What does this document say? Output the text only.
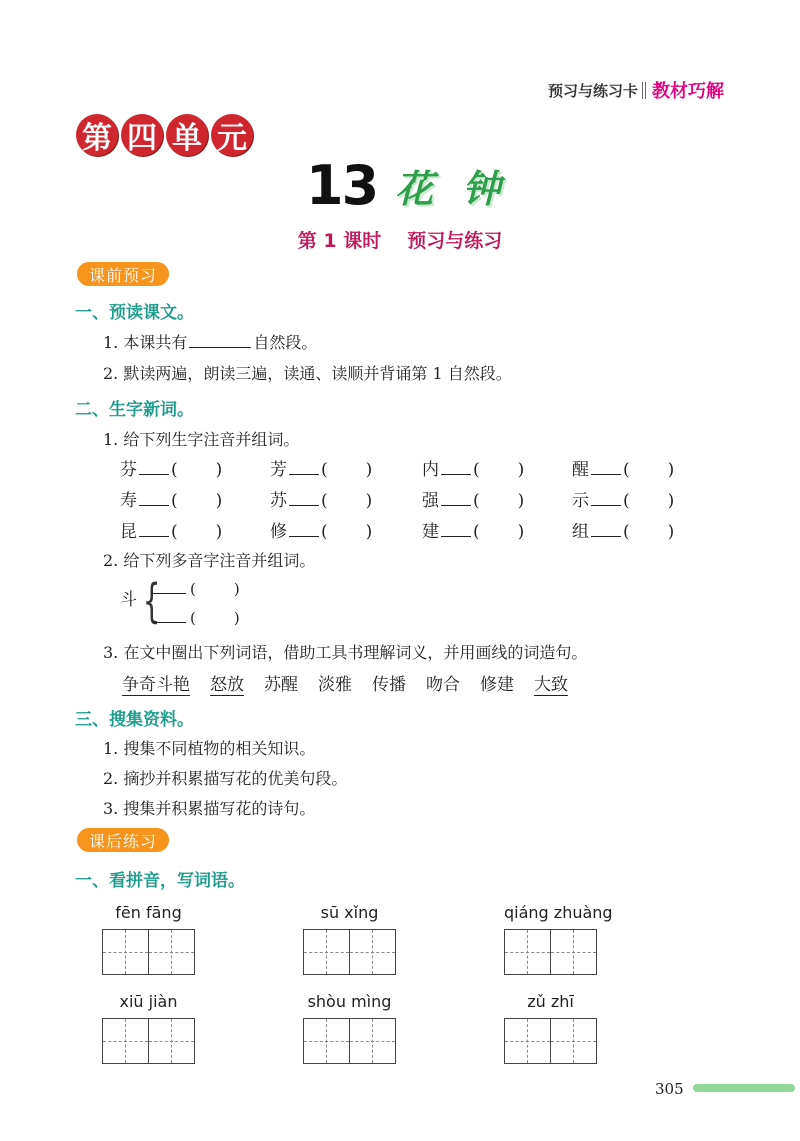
预习与练习卡 教材巧解
第 四 单 元
13 花 钟
第 1 课时 预习与练习
课前预习
一、预读课文。
1. 本课共有	自然段。
2. 默读两遍，朗读三遍，读通、读顺并背诵第 1 自然段。
二、生字新词。
1. 给下列生字注音并组词。
芬 ( )	芳 ( )	内 ( )	醒 ( )
寿 ( )	苏 ( )	强 ( )	示 ( )
昆 ( )	修 ( )	建 ( )	组 ( )
2. 给下列多音字注音并组词。
斗 {	(	)
(	)
3. 在文中圈出下列词语，借助工具书理解词义，并用画线的词造句。
争奇斗艳 怒放 苏醒 淡雅 传播 吻合 修建 大致
三、搜集资料。
1. 搜集不同植物的相关知识。
2. 摘抄并积累描写花的优美句段。
3. 搜集并积累描写花的诗句。
课后练习
一、看拼音，写词语。
fēn fāng	sū xǐng	qiáng zhuàng
xiū jiàn	shòu mìng	zǔ zhī
305
